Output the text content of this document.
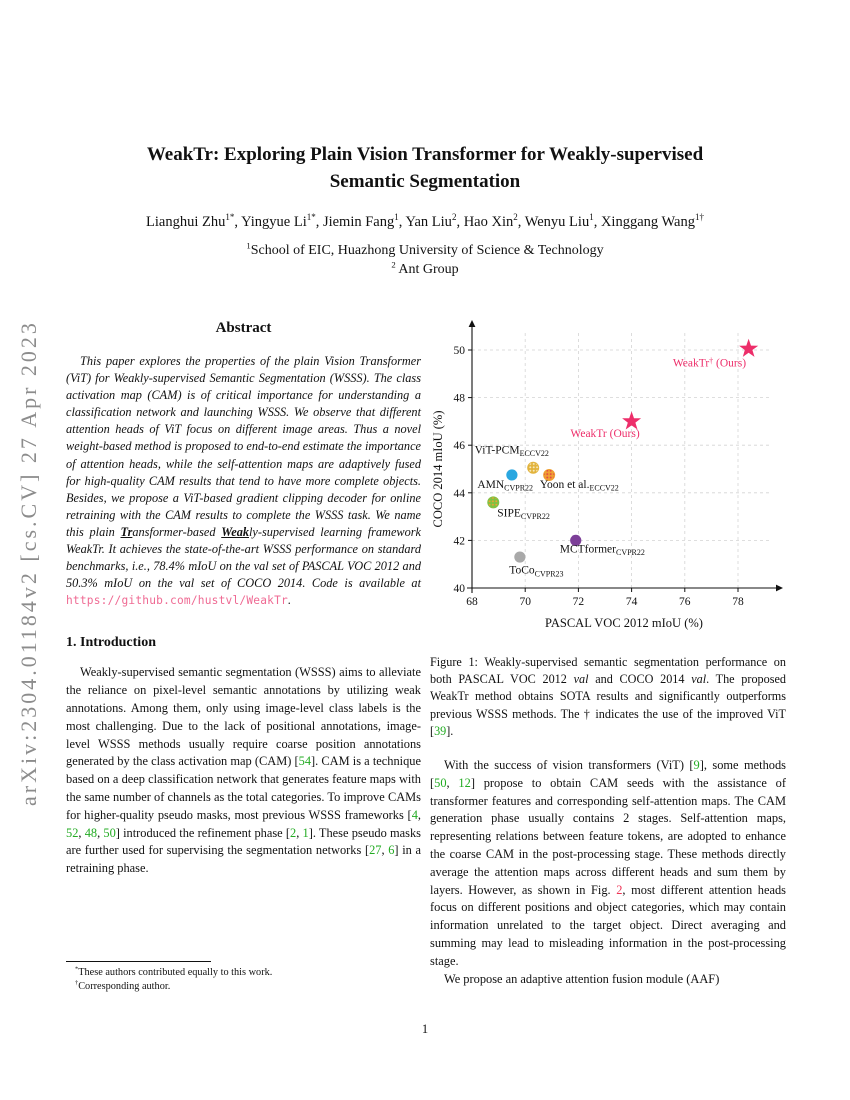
arXiv:2304.01184v2 [cs.CV] 27 Apr 2023
WeakTr: Exploring Plain Vision Transformer for Weakly-supervised
Semantic Segmentation
Lianghui Zhu$^{1*}$, Yingyue $Li^{1*}$, Jiemin Fang$^1$, Yan Liu$^2$, Hao Xin$^2$, Wenyu Liu$^1$, Xinggang Wang$^{1\dagger}$
$^1$School of EIC, Huazhong University of Science & Technology
$^2$ Ant Group
Abstract
This paper explores the properties of the plain Vision Transformer (ViT) for Weakly-supervised Semantic Segmentation (WSSS). The class activation map (CAM) is of critical importance for understanding a classification network and launching WSSS. We observe that different attention heads of ViT focus on different image areas. Thus a novel weight-based method is proposed to end-to-end estimate the importance of attention heads, while the self-attention maps are adaptively fused for high-quality CAM results that tend to have more complete objects. Besides, we propose a ViT-based gradient clipping decoder for online retraining with the CAM results to complete the WSSS task. We name this plain Transformer-based Weakly-supervised learning framework WeakTr. It achieves the state-of-the-art WSSS performance on standard benchmarks, i.e., 78.4% mIoU on the val set of PASCAL VOC 2012 and 50.3% mIoU on the val set of COCO 2014. Code is available at https://github.com/hustvl/WeakTr.
1. Introduction

Weakly-supervised semantic segmentation (WSSS) aims to alleviate the reliance on pixel-level semantic annotations by utilizing weak annotations. Among them, only using image-level class labels is the most challenging. Due to the lack of positional annotations, image-level WSSS methods usually require coarse position annotations generated by the class activation map (CAM) [54]. CAM is a technique based on a deep classification network that generates feature maps with the same number of channels as the total categories. To improve CAMs for higher-quality pseudo masks, most previous WSSS frameworks [4, 52, 48, 50] introduced the refinement phase [2, 1]. These pseudo masks are further used for supervising the segmentation networks [27, 6] in a retraining phase.

*These authors contributed equally to this work.
†Corresponding author.
68	70	72	74	76	78
40
42
44
46
48
50
PASCAL VOC 2012 mIoU (%)
COCO 2014 mIoU (%)	$SIPE_{CVPR22}$
$AMN_{CVPR22}$
ViT-$PCM_{ECCV22}$
Yoon et $al._{ECCV22}$
MCTformer$_{CVPR22}$
ToCo$_{CVPR23}$
WeakTr (Ours)
WeakTr† (Ours)
Figure 1: Weakly-supervised semantic segmentation performance on both PASCAL VOC 2012 val and COCO 2014 val. The proposed WeakTr method obtains SOTA results and significantly outperforms previous WSSS methods. The † indicates the use of the improved ViT [39].

With the success of vision transformers (ViT) [9], some methods [50, 12] propose to obtain CAM seeds with the assistance of transformer features and corresponding self-attention maps. The CAM generation phase usually contains 2 stages. Self-attention maps, representing relations between feature tokens, are adopted to enhance the coarse CAM in the post-processing stage. These methods directly average the attention maps across different heads and sum them by layers. However, as shown in Fig. 2, most different attention heads focus on different positions and object categories, which may contain information unrelated to the target object. Direct averaging and summing may lead to misleading information in the post-processing stage.

We propose an adaptive attention fusion module (AAF)

1
